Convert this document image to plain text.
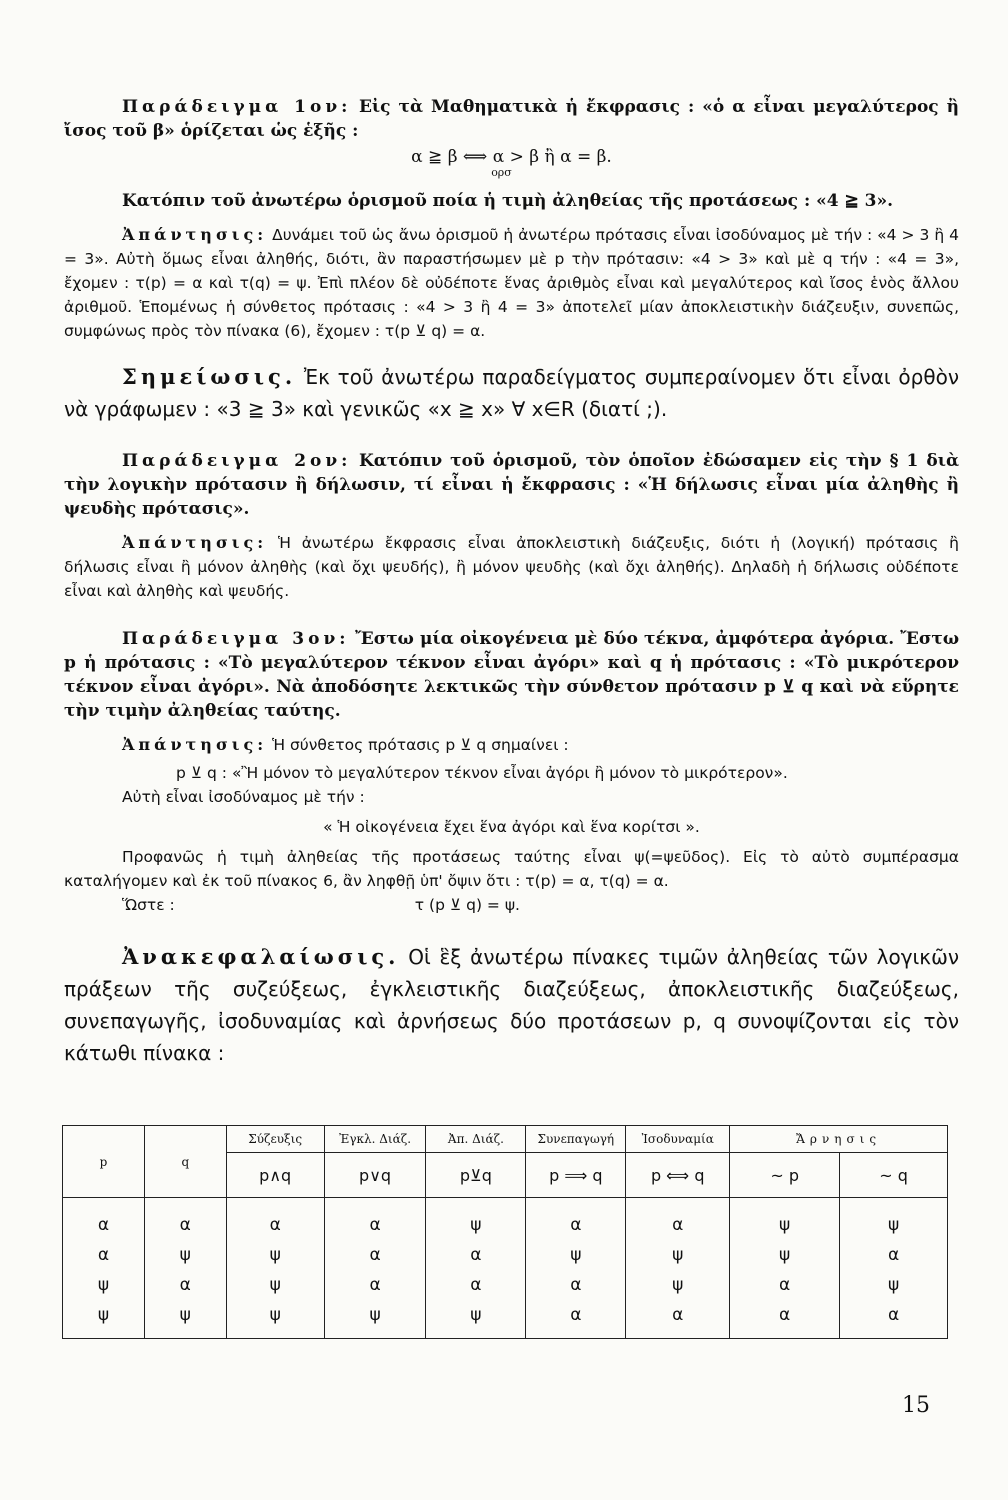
Παράδειγμα 1ον: Εἰς τὰ Μαθηματικὰ ἡ ἔκφρασις : «ὁ α εἶναι μεγαλύτερος ἢ ἴσος τοῦ β» ὁρίζεται ὡς ἑξῆς :

α ≧ β ⟺ α > β ἢ α = β.
ορσ

Κατόπιν τοῦ ἀνωτέρω ὁρισμοῦ ποία ἡ τιμὴ ἀληθείας τῆς προτάσεως : «4 ≧ 3».

Ἀπάντησις: Δυνάμει τοῦ ὡς ἄνω ὁρισμοῦ ἡ ἀνωτέρω πρότασις εἶναι ἰσοδύναμος μὲ τήν : «4 > 3 ἢ 4 = 3». Αὐτὴ ὅμως εἶναι ἀληθής, διότι, ἂν παραστήσωμεν μὲ p τὴν πρότασιν: «4 > 3» καὶ μὲ q τήν : «4 = 3», ἔχομεν : τ(p) = α καὶ τ(q) = ψ. Ἐπὶ πλέον δὲ οὐδέποτε ἕνας ἀριθμὸς εἶναι καὶ μεγαλύτερος καὶ ἴσος ἑνὸς ἄλλου ἀριθμοῦ. Ἑπομένως ἡ σύνθετος πρότασις : «4 > 3 ἢ 4 = 3» ἀποτελεῖ μίαν ἀποκλειστικὴν διάζευξιν, συνεπῶς, συμφώνως πρὸς τὸν πίνακα (6), ἔχομεν : τ(p ⊻ q) = α.

Σημείωσις. Ἐκ τοῦ ἀνωτέρω παραδείγματος συμπεραίνομεν ὅτι εἶναι ὀρθὸν νὰ γράφωμεν : «3 ≧ 3» καὶ γενικῶς «x ≧ x» ∀ x∈R (διατί ;).

Παράδειγμα 2ον: Κατόπιν τοῦ ὁρισμοῦ, τὸν ὁποῖον ἐδώσαμεν εἰς τὴν § 1 διὰ τὴν λογικὴν πρότασιν ἢ δήλωσιν, τί εἶναι ἡ ἔκφρασις : «Ἡ δήλωσις εἶναι μία ἀληθὴς ἢ ψευδὴς πρότασις».

Ἀπάντησις: Ἡ ἀνωτέρω ἔκφρασις εἶναι ἀποκλειστικὴ διάζευξις, διότι ἡ (λογική) πρότασις ἢ δήλωσις εἶναι ἢ μόνον ἀληθὴς (καὶ ὄχι ψευδής), ἢ μόνον ψευδὴς (καὶ ὄχι ἀληθής). Δηλαδὴ ἡ δήλωσις οὐδέποτε εἶναι καὶ ἀληθὴς καὶ ψευδής.

Παράδειγμα 3ον: Ἔστω μία οἰκογένεια μὲ δύο τέκνα, ἀμφότερα ἀγόρια. Ἔστω p ἡ πρότασις : «Τὸ μεγαλύτερον τέκνον εἶναι ἀγόρι» καὶ q ἡ πρότασις : «Τὸ μικρότερον τέκνον εἶναι ἀγόρι». Νὰ ἀποδόσητε λεκτικῶς τὴν σύνθετον πρότασιν p ⊻ q καὶ νὰ εὕρητε τὴν τιμὴν ἀληθείας ταύτης.

Ἀπάντησις: Ἡ σύνθετος πρότασις p ⊻ q σημαίνει :

p ⊻ q : «Ἢ μόνον τὸ μεγαλύτερον τέκνον εἶναι ἀγόρι ἢ μόνον τὸ μικρότερον».

Αὐτὴ εἶναι ἰσοδύναμος μὲ τήν :

« Ἡ οἰκογένεια ἔχει ἕνα ἀγόρι καὶ ἕνα κορίτσι ».

Προφανῶς ἡ τιμὴ ἀληθείας τῆς προτάσεως ταύτης εἶναι ψ(=ψεῦδος). Εἰς τὸ αὐτὸ συμπέρασμα καταλήγομεν καὶ ἐκ τοῦ πίνακος 6, ἂν ληφθῇ ὑπ' ὄψιν ὅτι : τ(p) = α, τ(q) = α.

Ὥστε :	τ (p ⊻ q) = ψ.

Ἀνακεφαλαίωσις. Οἱ ἓξ ἀνωτέρω πίνακες τιμῶν ἀληθείας τῶν λογικῶν πράξεων τῆς συζεύξεως, ἐγκλειστικῆς διαζεύξεως, ἀποκλειστικῆς διαζεύξεως, συνεπαγωγῆς, ἰσοδυναμίας καὶ ἀρνήσεως δύο προτάσεων p, q συνοψίζονται εἰς τὸν κάτωθι πίνακα :

p	q	Σύζευξις	Ἐγκλ. Διάζ.	Ἀπ. Διάζ.	Συνεπαγωγή	Ἰσοδυναμία	Ἄρνησις	
		p∧q	p∨q	p⊻q	p ⟹ q	p ⟺ q	~ p	~ q
α	α	α	α	ψ	α	α	ψ	ψ
α	ψ	ψ	α	α	ψ	ψ	ψ	α
ψ	α	ψ	α	α	α	ψ	α	ψ
ψ	ψ	ψ	ψ	ψ	α	α	α	α
15
